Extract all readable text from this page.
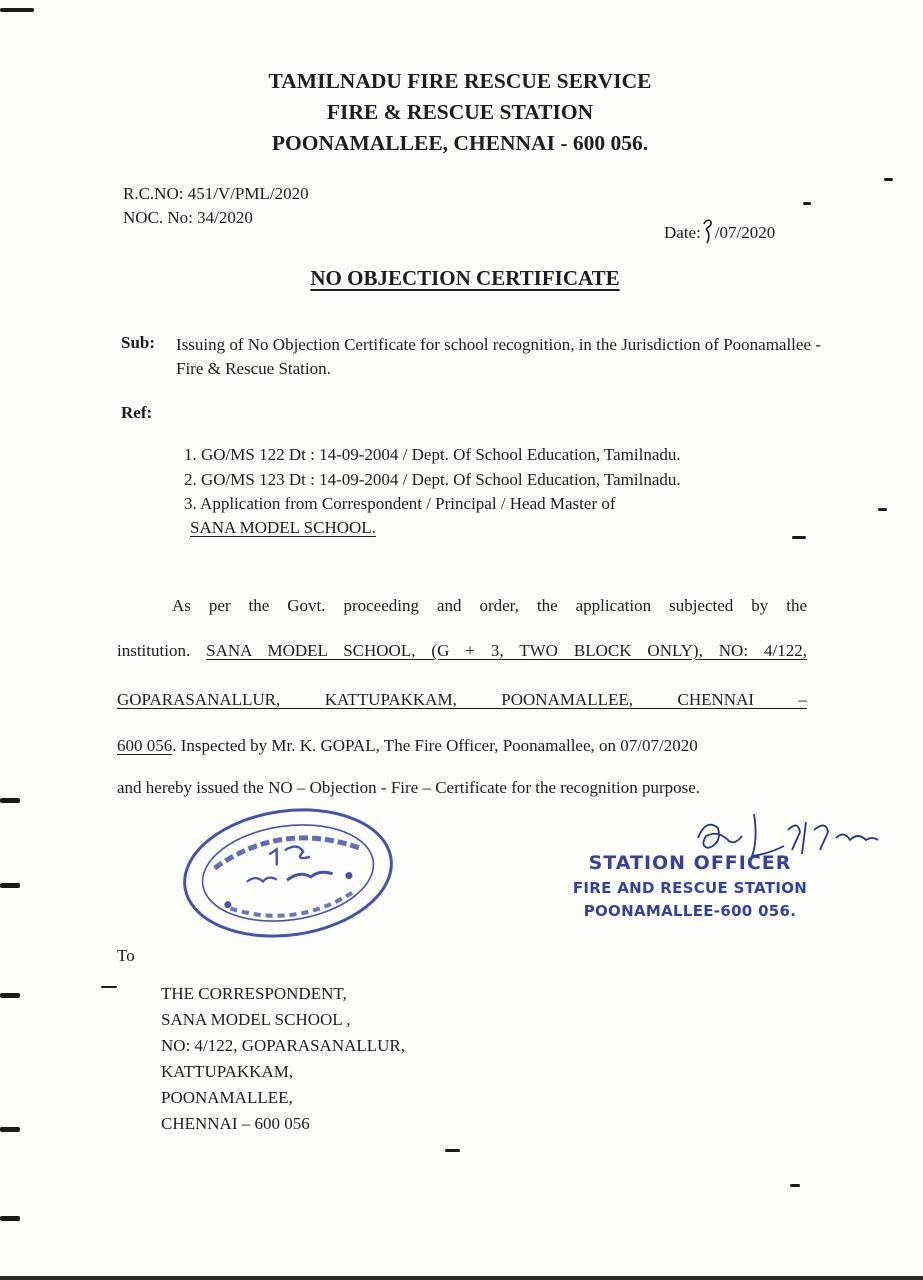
TAMILNADU FIRE RESCUE SERVICE
FIRE & RESCUE STATION
POONAMALLEE, CHENNAI - 600 056.
R.C.NO: 451/V/PML/2020
NOC. No: 34/2020
Date: /07/2020
NO OBJECTION CERTIFICATE
Sub: Issuing of No Objection Certificate for school recognition, in the Jurisdiction of Poonamallee - Fire & Rescue Station.
Ref:
1. GO/MS 122 Dt : 14-09-2004 / Dept. Of School Education, Tamilnadu.
2. GO/MS 123 Dt : 14-09-2004 / Dept. Of School Education, Tamilnadu.
3. Application from Correspondent / Principal / Head Master of
SANA MODEL SCHOOL.
As per the Govt. proceeding and order, the application subjected by the
institution. SANA MODEL SCHOOL, (G + 3, TWO BLOCK ONLY), NO: 4/122,
GOPARASANALLUR, KATTUPAKKAM, POONAMALLEE, CHENNAI –
600 056. Inspected by Mr. K. GOPAL, The Fire Officer, Poonamallee, on 07/07/2020
and hereby issued the NO – Objection - Fire – Certificate for the recognition purpose.
STATION OFFICER
FIRE AND RESCUE STATION
POONAMALLEE-600 056.
To
THE CORRESPONDENT,
SANA MODEL SCHOOL ,
NO: 4/122, GOPARASANALLUR,
KATTUPAKKAM,
POONAMALLEE,
CHENNAI – 600 056
